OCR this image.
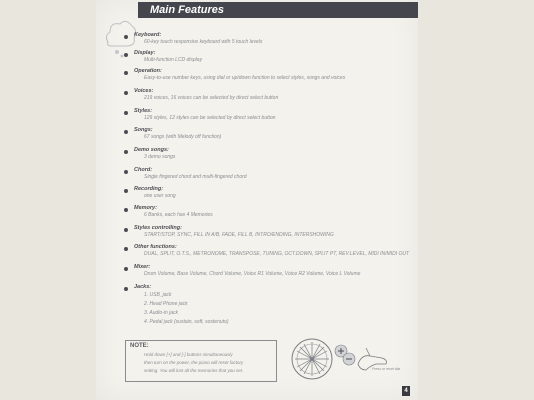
Main Features
Keyboard:
60-key touch responsive keyboard with 5 touch levels
Display:
Multi-function LCD display
Operation:
Easy-to-use number keys, using dial or up/down function to select styles, songs and voices
Voices:
219 voices, 16 voices can be selected by direct select button
Styles:
129 styles, 12 styles can be selected by direct select button
Songs:
67 songs (with Melody off function)
Demo songs:
3 demo songs
Chord:
Single fingered chord and multi-fingered chord
Recording:
one user song
Memory:
6 Banks, each has 4 Memories
Styles controlling:
START/STOP, SYNC, FILL IN A/B, FADE, FILL B, INTRO/ENDING, INTERSHOWING
Other functions:
DUAL, SPLIT, O.T.S., METRONOME, TRANSPOSE, TUNING, OCT.DOWN, SPLIT PT, REV.LEVEL, MIDI IN/MIDI OUT
Mixer:
Drum Volume, Bass Volume, Chord Volume, Voice R1 Volume, Voice R2 Volume, Voice L Volume
Jacks:
1. USB_jack
2. Head Phone jack
3. Audio-in jack
4. Pedal jack (sustain, soft, sostenuto)
NOTE:
Hold down [+] and [-] buttons simultaneously
then turn on the power, the piano will reset factory
setting. You will lost all the memories that you set.	Press or reset dial
4
